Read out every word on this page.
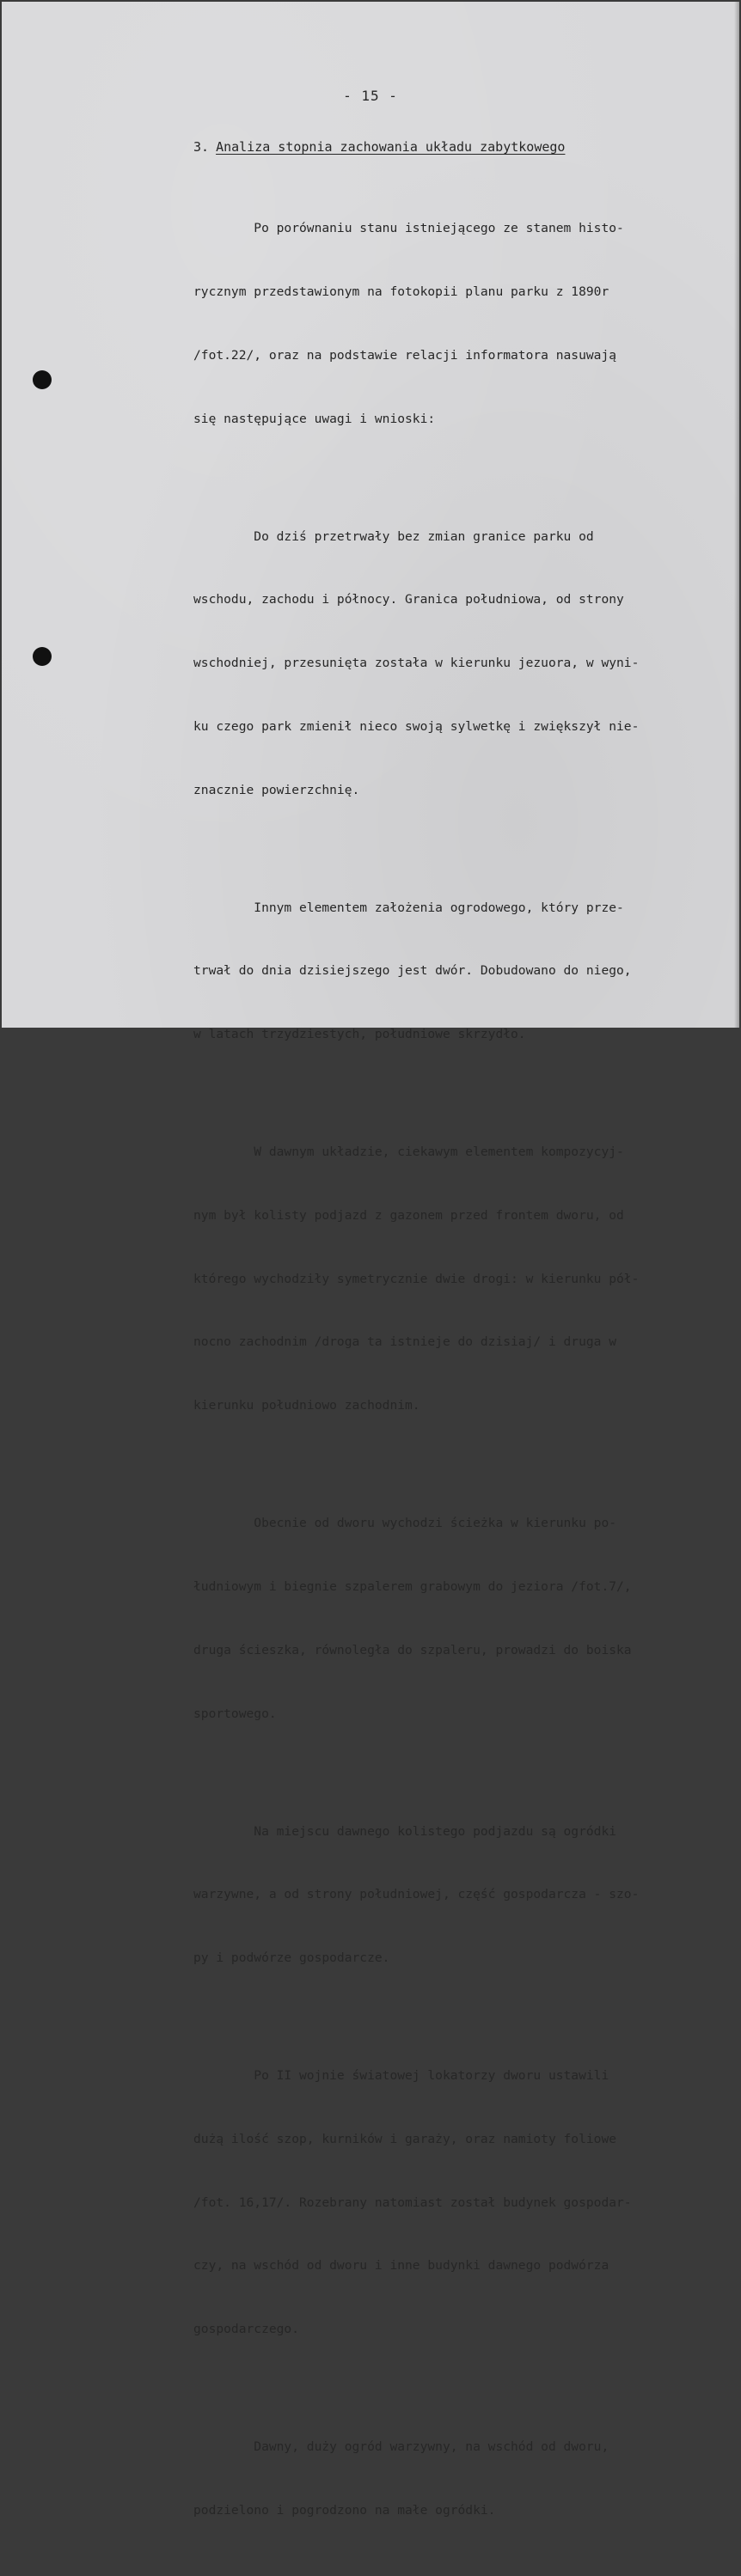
- 15 -
3. Analiza stopnia zachowania układu zabytkowego

Po porównaniu stanu istniejącego ze stanem histo-

rycznym przedstawionym na fotokopii planu parku z 1890r

/fot.22/, oraz na podstawie relacji informatora nasuwają

się następujące uwagi i wnioski:

Do dziś przetrwały bez zmian granice parku od

wschodu, zachodu i północy. Granica południowa, od strony

wschodniej, przesunięta została w kierunku jezuora, w wyni-

ku czego park zmienił nieco swoją sylwetkę i zwiększył nie-

znacznie powierzchnię.

Innym elementem założenia ogrodowego, który prze-

trwał do dnia dzisiejszego jest dwór. Dobudowano do niego,

w latach trzydziestych, południowe skrzydło.

W dawnym układzie, ciekawym elementem kompozycyj-

nym był kolisty podjazd z gazonem przed frontem dworu, od

którego wychodziły symetrycznie dwie drogi: w kierunku pół-

nocno zachodnim /droga ta istnieje do dzisiaj/ i druga w

kierunku południowo zachodnim.

Obecnie od dworu wychodzi ścieżka w kierunku po-

łudniowym i biegnie szpalerem grabowym do jeziora /fot.7/,

druga ścieszka, równoległa do szpaleru, prowadzi do boiska

sportowego.

Na miejscu dawnego kolistego podjazdu są ogródki

warzywne, a od strony południowej, część gospodarcza - szo-

py i podwórze gospodarcze.

Po II wojnie światowej lokatorzy dworu ustawili

dużą ilość szop, kurników i garaży, oraz namioty foliowe

/fot. 16,17/. Rozebrany natomiast został budynek gospodar-

czy, na wschód od dworu i inne budynki dawnego podwórza

gospodarczego.

Dawny, duży ogród warzywny, na wschód od dworu,

podzielono i pogrodzono na małe ogródki.
